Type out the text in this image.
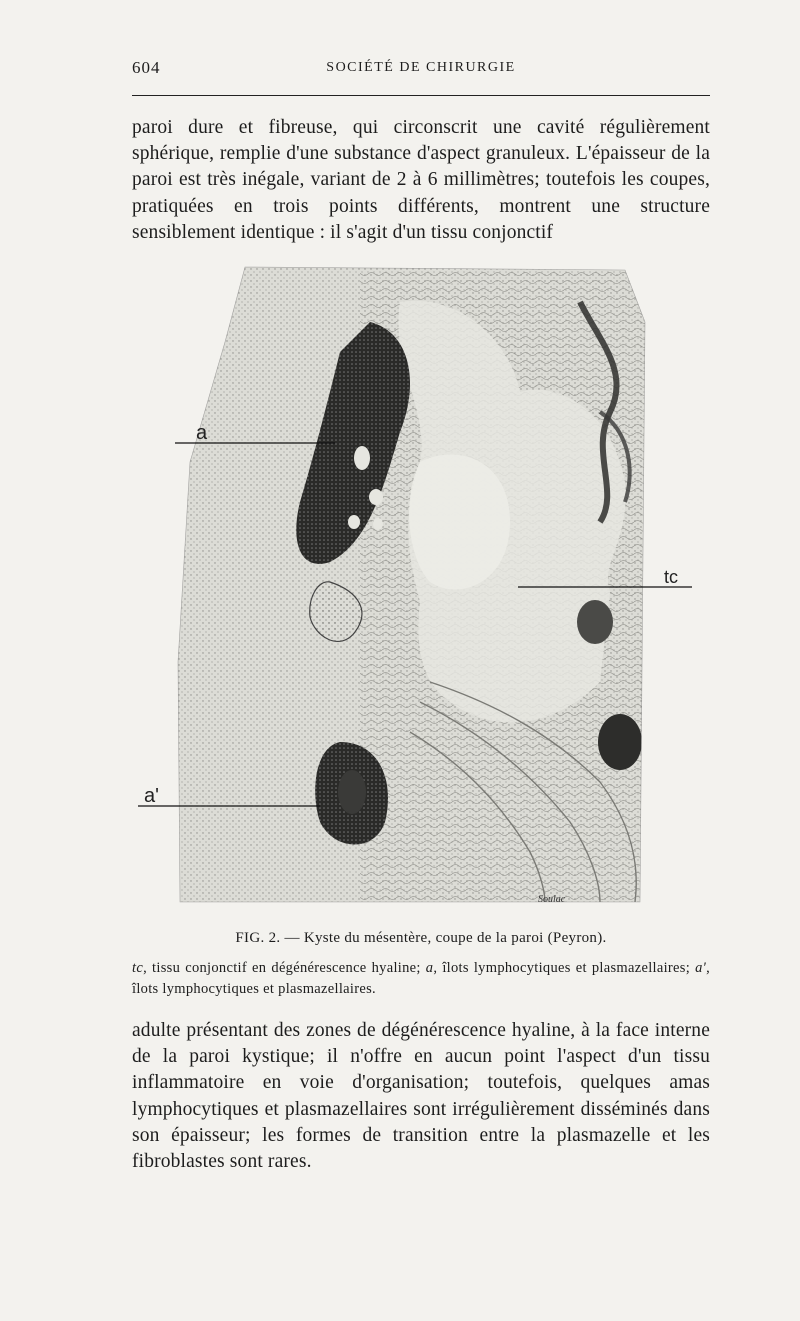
604	SOCIÉTÉ DE CHIRURGIE

paroi dure et fibreuse, qui circonscrit une cavité régulièrement sphérique, remplie d'une substance d'aspect granuleux. L'épaisseur de la paroi est très inégale, variant de 2 à 6 millimètres; toutefois les coupes, pratiquées en trois points différents, montrent une structure sensiblement identique : il s'agit d'un tissu conjonctif

a
a'
tc
Soulac
FIG. 2. — Kyste du mésentère, coupe de la paroi (Peyron).

tc, tissu conjonctif en dégénérescence hyaline; a, îlots lymphocytiques et plasmazellaires; a', îlots lymphocytiques et plasmazellaires.

adulte présentant des zones de dégénérescence hyaline, à la face interne de la paroi kystique; il n'offre en aucun point l'aspect d'un tissu inflammatoire en voie d'organisation; toutefois, quelques amas lymphocytiques et plasmazellaires sont irrégulièrement disséminés dans son épaisseur; les formes de transition entre la plasmazelle et les fibroblastes sont rares.
